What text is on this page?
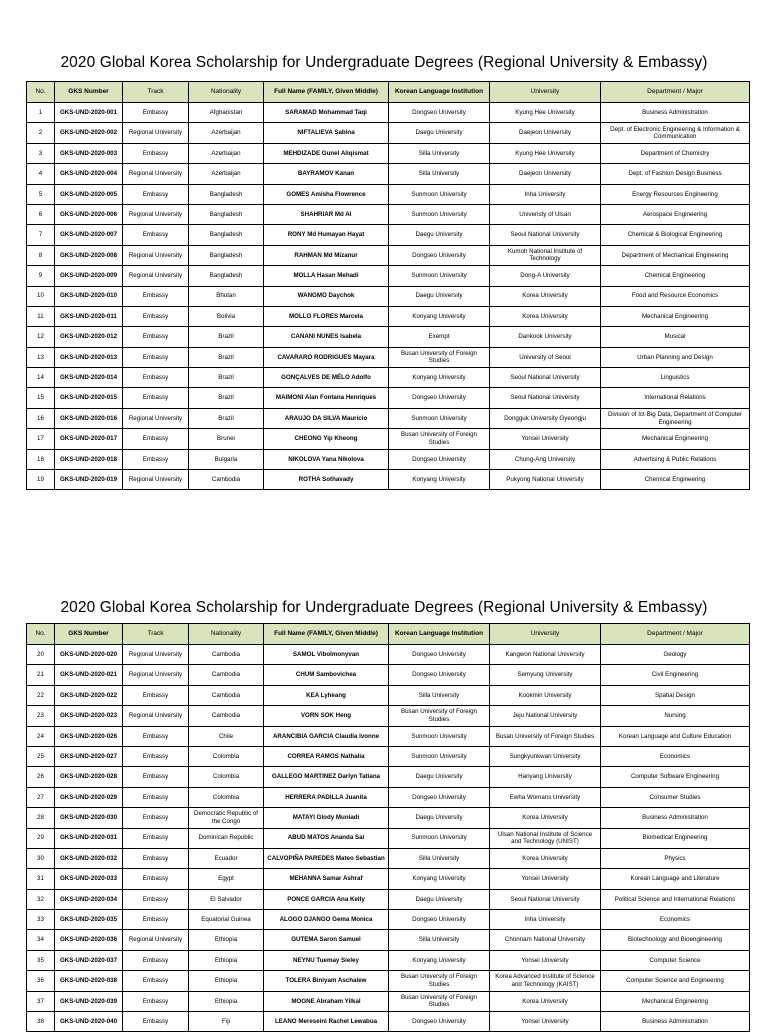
2020 Global Korea Scholarship for Undergraduate Degrees (Regional University & Embassy)
No.	GKS Number	Track	Nationality	Full Name (FAMILY, Given Middle)	Korean Language Institution	University	Department / Major
1	GKS-UND-2020-001	Embassy	Afghanistan	SARAMAD Mohammad Taqi	Dongseo University	Kyung Hee University	Business Administration
2	GKS-UND-2020-002	Regional University	Azerbaijan	NIFTALIEVA Sabina	Daegu University	Daejeon University	Dept. of Electronic Engineering & Information & Communication
3	GKS-UND-2020-003	Embassy	Azerbaijan	MEHDIZADE Gunel Aliqismat	Silla University	Kyung Hee University	Department of Chemistry
4	GKS-UND-2020-004	Regional University	Azerbaijan	BAYRAMOV Kanan	Silla University	Daejeon University	Dept. of Fashion Design Business
5	GKS-UND-2020-005	Embassy	Bangladesh	GOMES Amisha Flowrence	Sunmoon University	Inha University	Energy Resources Engineering
6	GKS-UND-2020-006	Regional University	Bangladesh	SHAHRIAR Md Al	Sunmoon University	Univeristy of Ulsan	Aerospace Engineering
7	GKS-UND-2020-007	Embassy	Bangladesh	RONY Md Humayan Hayat	Daegu University	Seoul National University	Chemical & Biological Engineering
8	GKS-UND-2020-008	Regional University	Bangladesh	RAHMAN Md Mizanur	Dongseo University	Kumoh National Institute of Technology	Department of Mechanical Engineering
9	GKS-UND-2020-009	Regional University	Bangladesh	MOLLA Hasan Mehadi	Sunmoon University	Dong-A University	Chemical Engineering
10	GKS-UND-2020-010	Embassy	Bhutan	WANGMO Daychok	Daegu University	Korea University	Food and Resource Economics
11	GKS-UND-2020-011	Embassy	Bolivia	MOLLO FLORES Marcela	Konyang University	Korea University	Mechanical Engineering
12	GKS-UND-2020-012	Embassy	Brazil	CANANI NUNES Isabela	Exempt	Dankook University	Musical
13	GKS-UND-2020-013	Embassy	Brazil	CAVARARO RODRIGUES Mayara	Busan University of Foreign Studies	University of Seoul	Urban Planning and Design
14	GKS-UND-2020-014	Embassy	Brazil	GONÇALVES DE MÉLO Adolfo	Konyang University	Seoul National University	Linguistics
15	GKS-UND-2020-015	Embassy	Brazil	MAIMONI Alan Fontana Henriques	Dongseo University	Seoul National University	International Relations
16	GKS-UND-2020-016	Regional University	Brazil	ARAUJO DA SILVA Mauricio	Sunmoon University	Dongguk University Gyeongju	Division of Ict·Big Data, Department of Computer Engineering
17	GKS-UND-2020-017	Embassy	Brunei	CHEONG Yip Kheong	Busan University of Foreign Studies	Yonsei University	Mechanical Engineering
18	GKS-UND-2020-018	Embassy	Bulgaria	NIKOLOVA Yana Nikolova	Dongseo University	Chung-Ang University	Advertising & Public Relations
19	GKS-UND-2020-019	Regional University	Cambodia	ROTHA Sothavady	Konyang University	Pukyong National University	Chemical Engineering
2020 Global Korea Scholarship for Undergraduate Degrees (Regional University & Embassy)
No.	GKS Number	Track	Nationality	Full Name (FAMILY, Given Middle)	Korean Language Institution	University	Department / Major
20	GKS-UND-2020-020	Regional University	Cambodia	SAMOL Vibolmonyvan	Dongseo University	Kangwon National University	Geology
21	GKS-UND-2020-021	Regional University	Cambodia	CHUM Sambovichea	Dongseo University	Semyung University	Civil Engineering
22	GKS-UND-2020-022	Embassy	Cambodia	KEA Lyheang	Silla University	Kookmin University	Spatial Design
23	GKS-UND-2020-023	Regional University	Cambodia	VORN SOK Heng	Busan University of Foreign Studies	Jeju National University	Nursing
24	GKS-UND-2020-026	Embassy	Chile	ARANCIBIA GARCIA Claudia Ivonne	Sunmoon University	Busan University of Foreign Studies	Korean Language and Culture Education
25	GKS-UND-2020-027	Embassy	Colombia	CORREA RAMOS Nathalia	Sunmoon University	Sungkyunkwan University	Economics
26	GKS-UND-2020-028	Embassy	Colombia	GALLEGO MARTINEZ Darlyn Tatiana	Daegu University	Hanyang University	Computer Software Engineering
27	GKS-UND-2020-029	Embassy	Colombia	HERRERA PADILLA Juanita	Dongseo University	Ewha Womans University	Consumer Studies
28	GKS-UND-2020-030	Embassy	Democratic Republic of the Congo	MATAYI Glody Muniadi	Daegu University	Korea University	Business Administration
29	GKS-UND-2020-031	Embassy	Dominican Republic	ABUD MATOS Ananda Sai	Sunmoon University	Ulsan National Institute of Science and Technology (UNIST)	Biomedical Engineering
30	GKS-UND-2020-032	Embassy	Ecuador	CALVOPIÑA PAREDES Mateo Sebastian	Silla University	Korea University	Physics
31	GKS-UND-2020-033	Embassy	Egypt	MEHANNA Samar Ashraf	Konyang University	Yonsei University	Korean Language and Literature
32	GKS-UND-2020-034	Embassy	El Salvador	PONCE GARCIA Ana Kelly	Daegu University	Seoul National University	Political Science and International Relations
33	GKS-UND-2020-035	Embassy	Equatorial Guinea	ALOGO DJANGO Gema Monica	Dongseo University	Inha University	Economics
34	GKS-UND-2020-036	Regional University	Ethiopia	GUTEMA Saron Samuel	Silla University	Chonnam National University	Biotechnology and Bioengineering
35	GKS-UND-2020-037	Embassy	Ethiopia	NEYNU Tuemay Sieley	Konyang University	Yonsei University	Computer Science
36	GKS-UND-2020-038	Embassy	Ethiopia	TOLERA Biniyam Aschalew	Busan University of Foreign Studies	Korea Advanced Institute of Science and Technology (KAIST)	Computer Science and Engineering
37	GKS-UND-2020-039	Embassy	Ethiopia	MOGNE Abraham Yilkal	Busan University of Foreign Studies	Korea University	Mechanical Engineering
38	GKS-UND-2020-040	Embassy	Fiji	LEANO Mereseini Rachel Lewabua	Dongseo University	Yonsei University	Business Administration
